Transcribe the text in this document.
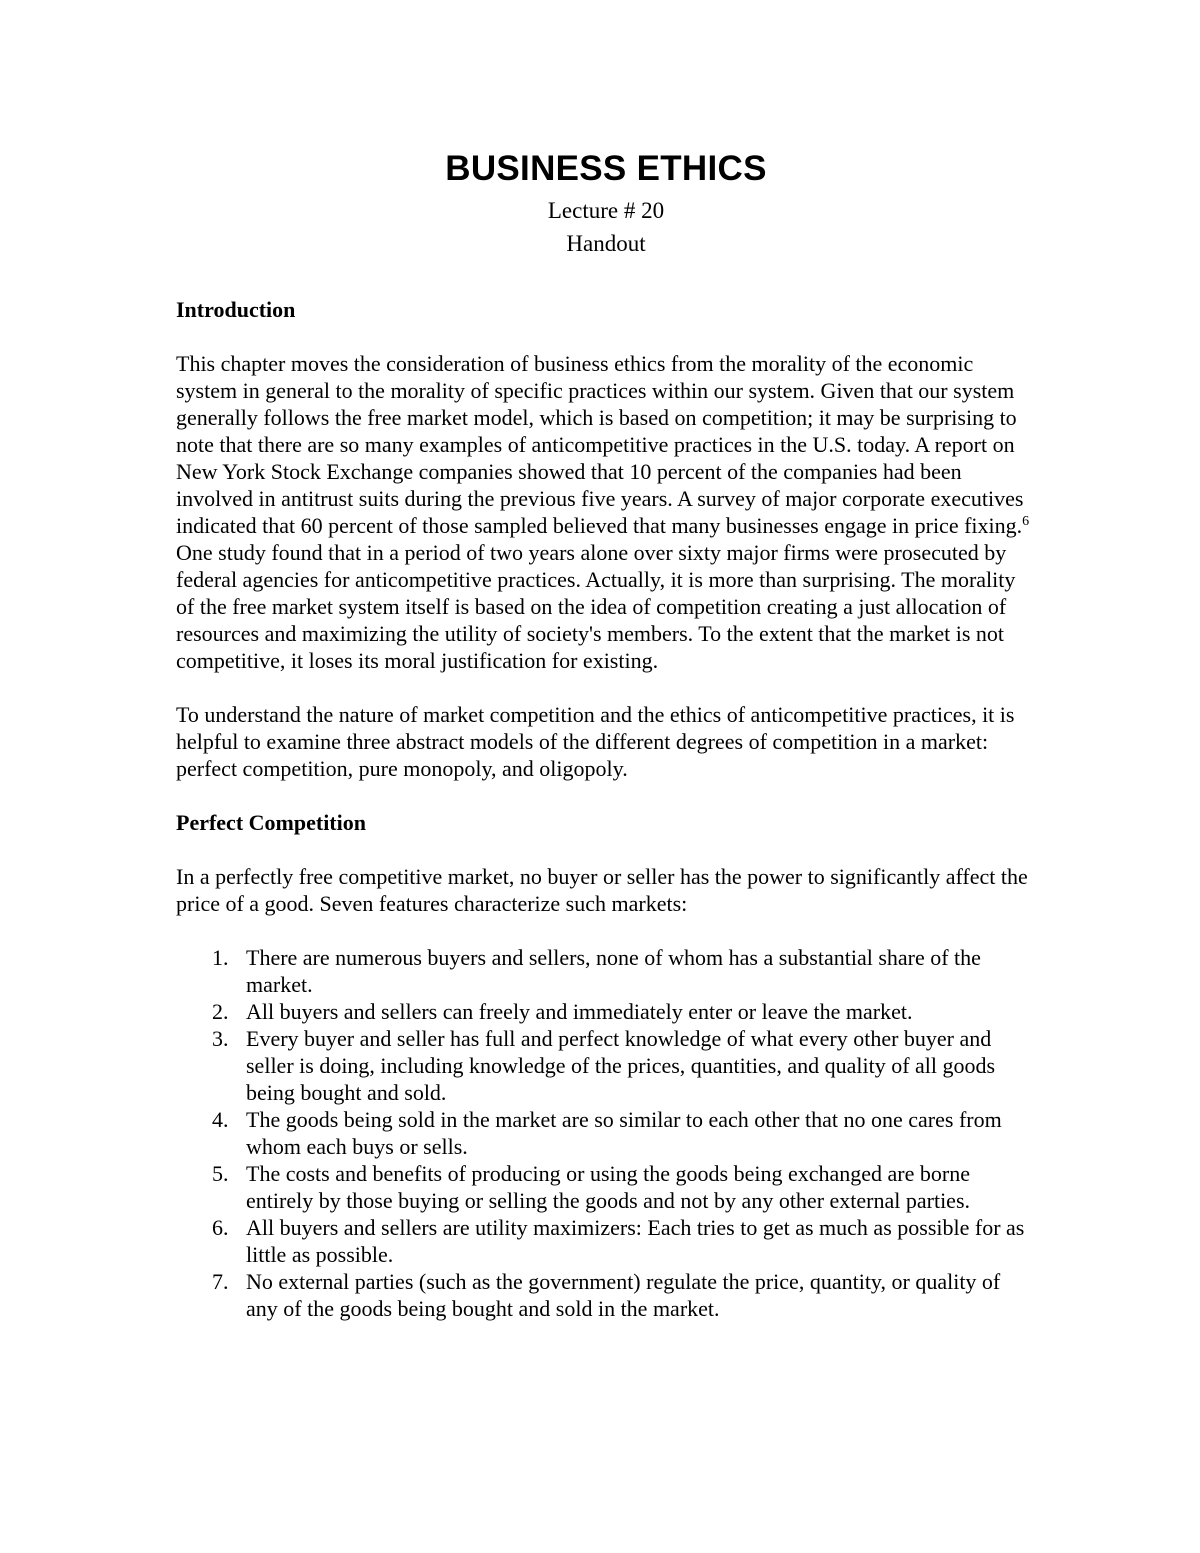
BUSINESS ETHICS

Lecture # 20

Handout

Introduction

This chapter moves the consideration of business ethics from the morality of the economic system in general to the morality of specific practices within our system. Given that our system generally follows the free market model, which is based on competition; it may be surprising to note that there are so many examples of anticompetitive practices in the U.S. today. A report on New York Stock Exchange companies showed that 10 percent of the companies had been involved in antitrust suits during the previous five years. A survey of major corporate executives indicated that 60 percent of those sampled believed that many businesses engage in price fixing.$^6$ One study found that in a period of two years alone over sixty major firms were prosecuted by federal agencies for anticompetitive practices. Actually, it is more than surprising. The morality of the free market system itself is based on the idea of competition creating a just allocation of resources and maximizing the utility of society's members. To the extent that the market is not competitive, it loses its moral justification for existing.

To understand the nature of market competition and the ethics of anticompetitive practices, it is helpful to examine three abstract models of the different degrees of competition in a market: perfect competition, pure monopoly, and oligopoly.

Perfect Competition

In a perfectly free competitive market, no buyer or seller has the power to significantly affect the price of a good. Seven features characterize such markets:

1. There are numerous buyers and sellers, none of whom has a substantial share of the market.
2. All buyers and sellers can freely and immediately enter or leave the market.
3. Every buyer and seller has full and perfect knowledge of what every other buyer and seller is doing, including knowledge of the prices, quantities, and quality of all goods being bought and sold.
4. The goods being sold in the market are so similar to each other that no one cares from whom each buys or sells.
5. The costs and benefits of producing or using the goods being exchanged are borne entirely by those buying or selling the goods and not by any other external parties.
6. All buyers and sellers are utility maximizers: Each tries to get as much as possible for as little as possible.
7. No external parties (such as the government) regulate the price, quantity, or quality of any of the goods being bought and sold in the market.
